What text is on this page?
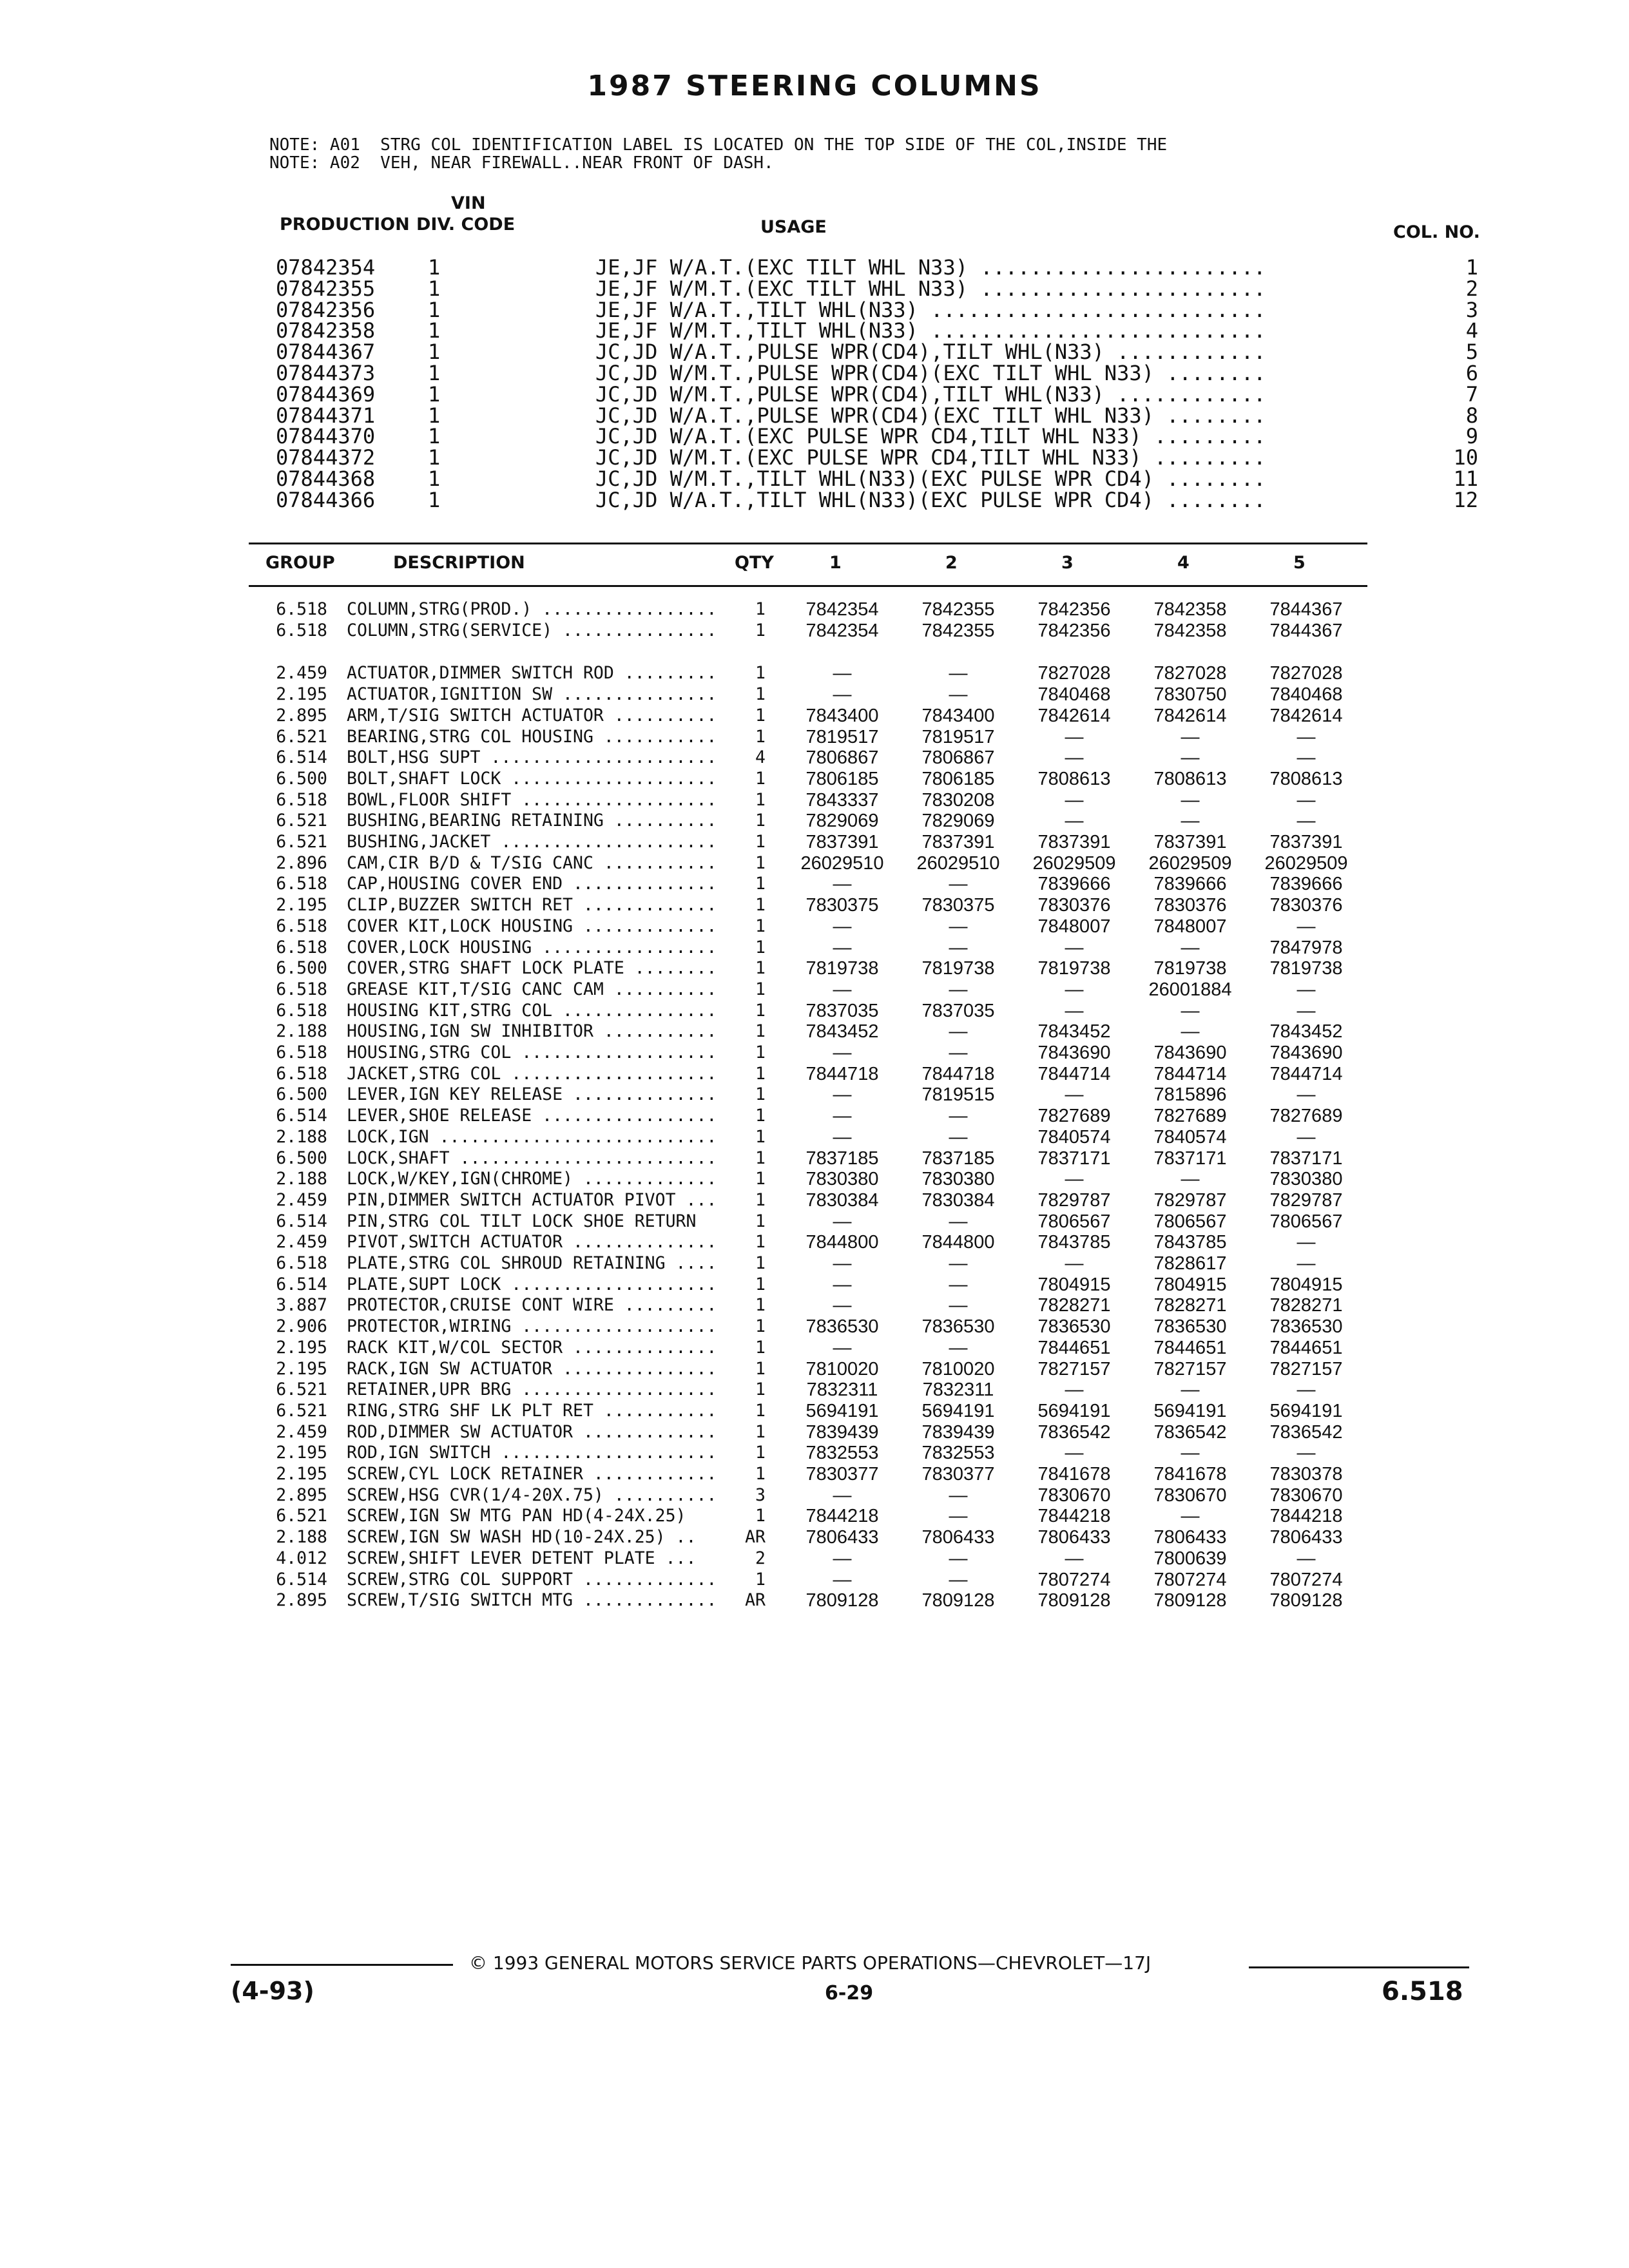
1987 STEERING COLUMNS
NOTE: A01  STRG COL IDENTIFICATION LABEL IS LOCATED ON THE TOP SIDE OF THE COL,INSIDE THE
NOTE: A02  VEH, NEAR FIREWALL..NEAR FRONT OF DASH.
VIN
PRODUCTION DIV. CODE	USAGE	COL. NO.
07842354	1	JE,JF W/A.T.(EXC TILT WHL N33) .......................	1
07842355	1	JE,JF W/M.T.(EXC TILT WHL N33) .......................	2
07842356	1	JE,JF W/A.T.,TILT WHL(N33) ...........................	3
07842358	1	JE,JF W/M.T.,TILT WHL(N33) ...........................	4
07844367	1	JC,JD W/A.T.,PULSE WPR(CD4),TILT WHL(N33) ............	5
07844373	1	JC,JD W/M.T.,PULSE WPR(CD4)(EXC TILT WHL N33) ........	6
07844369	1	JC,JD W/M.T.,PULSE WPR(CD4),TILT WHL(N33) ............	7
07844371	1	JC,JD W/A.T.,PULSE WPR(CD4)(EXC TILT WHL N33) ........	8
07844370	1	JC,JD W/A.T.(EXC PULSE WPR CD4,TILT WHL N33) .........	9
07844372	1	JC,JD W/M.T.(EXC PULSE WPR CD4,TILT WHL N33) .........	10
07844368	1	JC,JD W/M.T.,TILT WHL(N33)(EXC PULSE WPR CD4) ........	11
07844366	1	JC,JD W/A.T.,TILT WHL(N33)(EXC PULSE WPR CD4) ........	12
GROUP	DESCRIPTION	QTY	1	2	3	4	5
6.518 COLUMN,STRG(PROD.) .................	1	7842354	7842355	7842356	7842358	7844367
6.518 COLUMN,STRG(SERVICE) ...............	1	7842354	7842355	7842356	7842358	7844367
2.459 ACTUATOR,DIMMER SWITCH ROD .........	1	—	—	7827028	7827028	7827028
2.195 ACTUATOR,IGNITION SW ...............	1	—	—	7840468	7830750	7840468
2.895 ARM,T/SIG SWITCH ACTUATOR ..........	1	7843400	7843400	7842614	7842614	7842614
6.521 BEARING,STRG COL HOUSING ...........	1	7819517	7819517	—	—	—
6.514 BOLT,HSG SUPT ......................	4	7806867	7806867	—	—	—
6.500 BOLT,SHAFT LOCK ....................	1	7806185	7806185	7808613	7808613	7808613
6.518 BOWL,FLOOR SHIFT ...................	1	7843337	7830208	—	—	—
6.521 BUSHING,BEARING RETAINING ..........	1	7829069	7829069	—	—	—
6.521 BUSHING,JACKET .....................	1	7837391	7837391	7837391	7837391	7837391
2.896 CAM,CIR B/D & T/SIG CANC ...........	1	26029510	26029510	26029509	26029509	26029509
6.518 CAP,HOUSING COVER END ..............	1	—	—	7839666	7839666	7839666
2.195 CLIP,BUZZER SWITCH RET .............	1	7830375	7830375	7830376	7830376	7830376
6.518 COVER KIT,LOCK HOUSING .............	1	—	—	7848007	7848007	—
6.518 COVER,LOCK HOUSING .................	1	—	—	—	—	7847978
6.500 COVER,STRG SHAFT LOCK PLATE ........	1	7819738	7819738	7819738	7819738	7819738
6.518 GREASE KIT,T/SIG CANC CAM ..........	1	—	—	—	26001884	—
6.518 HOUSING KIT,STRG COL ...............	1	7837035	7837035	—	—	—
2.188 HOUSING,IGN SW INHIBITOR ...........	1	7843452	—	7843452	—	7843452
6.518 HOUSING,STRG COL ...................	1	—	—	7843690	7843690	7843690
6.518 JACKET,STRG COL ....................	1	7844718	7844718	7844714	7844714	7844714
6.500 LEVER,IGN KEY RELEASE ..............	1	—	7819515	—	7815896	—
6.514 LEVER,SHOE RELEASE .................	1	—	—	7827689	7827689	7827689
2.188 LOCK,IGN ...........................	1	—	—	7840574	7840574	—
6.500 LOCK,SHAFT .........................	1	7837185	7837185	7837171	7837171	7837171
2.188 LOCK,W/KEY,IGN(CHROME) .............	1	7830380	7830380	—	—	7830380
2.459 PIN,DIMMER SWITCH ACTUATOR PIVOT ...	1	7830384	7830384	7829787	7829787	7829787
6.514 PIN,STRG COL TILT LOCK SHOE RETURN	1	—	—	7806567	7806567	7806567
2.459 PIVOT,SWITCH ACTUATOR ..............	1	7844800	7844800	7843785	7843785	—
6.518 PLATE,STRG COL SHROUD RETAINING ....	1	—	—	—	7828617	—
6.514 PLATE,SUPT LOCK ....................	1	—	—	7804915	7804915	7804915
3.887 PROTECTOR,CRUISE CONT WIRE .........	1	—	—	7828271	7828271	7828271
2.906 PROTECTOR,WIRING ...................	1	7836530	7836530	7836530	7836530	7836530
2.195 RACK KIT,W/COL SECTOR ..............	1	—	—	7844651	7844651	7844651
2.195 RACK,IGN SW ACTUATOR ...............	1	7810020	7810020	7827157	7827157	7827157
6.521 RETAINER,UPR BRG ...................	1	7832311	7832311	—	—	—
6.521 RING,STRG SHF LK PLT RET ...........	1	5694191	5694191	5694191	5694191	5694191
2.459 ROD,DIMMER SW ACTUATOR .............	1	7839439	7839439	7836542	7836542	7836542
2.195 ROD,IGN SWITCH .....................	1	7832553	7832553	—	—	—
2.195 SCREW,CYL LOCK RETAINER ............	1	7830377	7830377	7841678	7841678	7830378
2.895 SCREW,HSG CVR(1/4-20X.75) ..........	3	—	—	7830670	7830670	7830670
6.521 SCREW,IGN SW MTG PAN HD(4-24X.25)	1	7844218	—	7844218	—	7844218
2.188 SCREW,IGN SW WASH HD(10-24X.25) ..	AR	7806433	7806433	7806433	7806433	7806433
4.012 SCREW,SHIFT LEVER DETENT PLATE ...	2	—	—	—	7800639	—
6.514 SCREW,STRG COL SUPPORT .............	1	—	—	7807274	7807274	7807274
2.895 SCREW,T/SIG SWITCH MTG .............	AR	7809128	7809128	7809128	7809128	7809128
© 1993 GENERAL MOTORS SERVICE PARTS OPERATIONS—CHEVROLET—17J
(4-93)	6-29	6.518
